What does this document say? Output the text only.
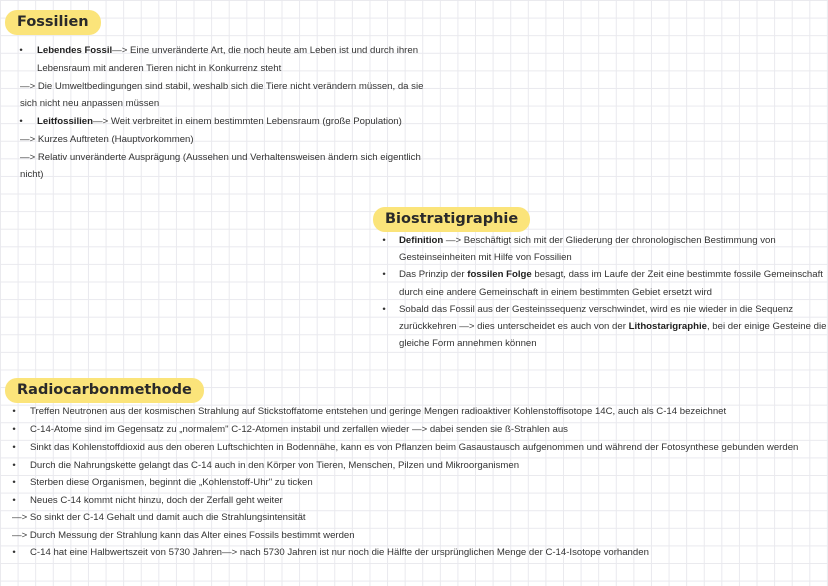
Fossilien
• Lebendes Fossil—> Eine unveränderte Art, die noch heute am Leben ist und durch ihren
Lebensraum mit anderen Tieren nicht in Konkurrenz steht
—> Die Umweltbedingungen sind stabil, weshalb sich die Tiere nicht verändern müssen, da sie
sich nicht neu anpassen müssen
• Leitfossilien—> Weit verbreitet in einem bestimmten Lebensraum (große Population)
—> Kurzes Auftreten (Hauptvorkommen)
—> Relativ unveränderte Ausprägung (Aussehen und Verhaltensweisen ändern sich eigentlich
nicht)
Biostratigraphie
• Definition —> Beschäftigt sich mit der Gliederung der chronologischen Bestimmung von
Gesteinseinheiten mit Hilfe von Fossilien
• Das Prinzip der fossilen Folge besagt, dass im Laufe der Zeit eine bestimmte fossile Gemeinschaft
durch eine andere Gemeinschaft in einem bestimmten Gebiet ersetzt wird
• Sobald das Fossil aus der Gesteinssequenz verschwindet, wird es nie wieder in die Sequenz
zurückkehren —> dies unterscheidet es auch von der Lithostarigraphie, bei der einige Gesteine die
gleiche Form annehmen können
Radiocarbonmethode
• Treffen Neutronen aus der kosmischen Strahlung auf Stickstoffatome entstehen und geringe Mengen radioaktiver Kohlenstoffisotope 14C, auch als C-14 bezeichnet
• C-14-Atome sind im Gegensatz zu „normalem" C-12-Atomen instabil und zerfallen wieder —> dabei senden sie ß-Strahlen aus
• Sinkt das Kohlenstoffdioxid aus den oberen Luftschichten in Bodennähe, kann es von Pflanzen beim Gasaustausch aufgenommen und während der Fotosynthese gebunden werden
• Durch die Nahrungskette gelangt das C-14 auch in den Körper von Tieren, Menschen, Pilzen und Mikroorganismen
• Sterben diese Organismen, beginnt die „Kohlenstoff-Uhr" zu ticken
• Neues C-14 kommt nicht hinzu, doch der Zerfall geht weiter
—> So sinkt der C-14 Gehalt und damit auch die Strahlungsintensität
—> Durch Messung der Strahlung kann das Alter eines Fossils bestimmt werden
• C-14 hat eine Halbwertszeit von 5730 Jahren—> nach 5730 Jahren ist nur noch die Hälfte der ursprünglichen Menge der C-14-Isotope vorhanden
